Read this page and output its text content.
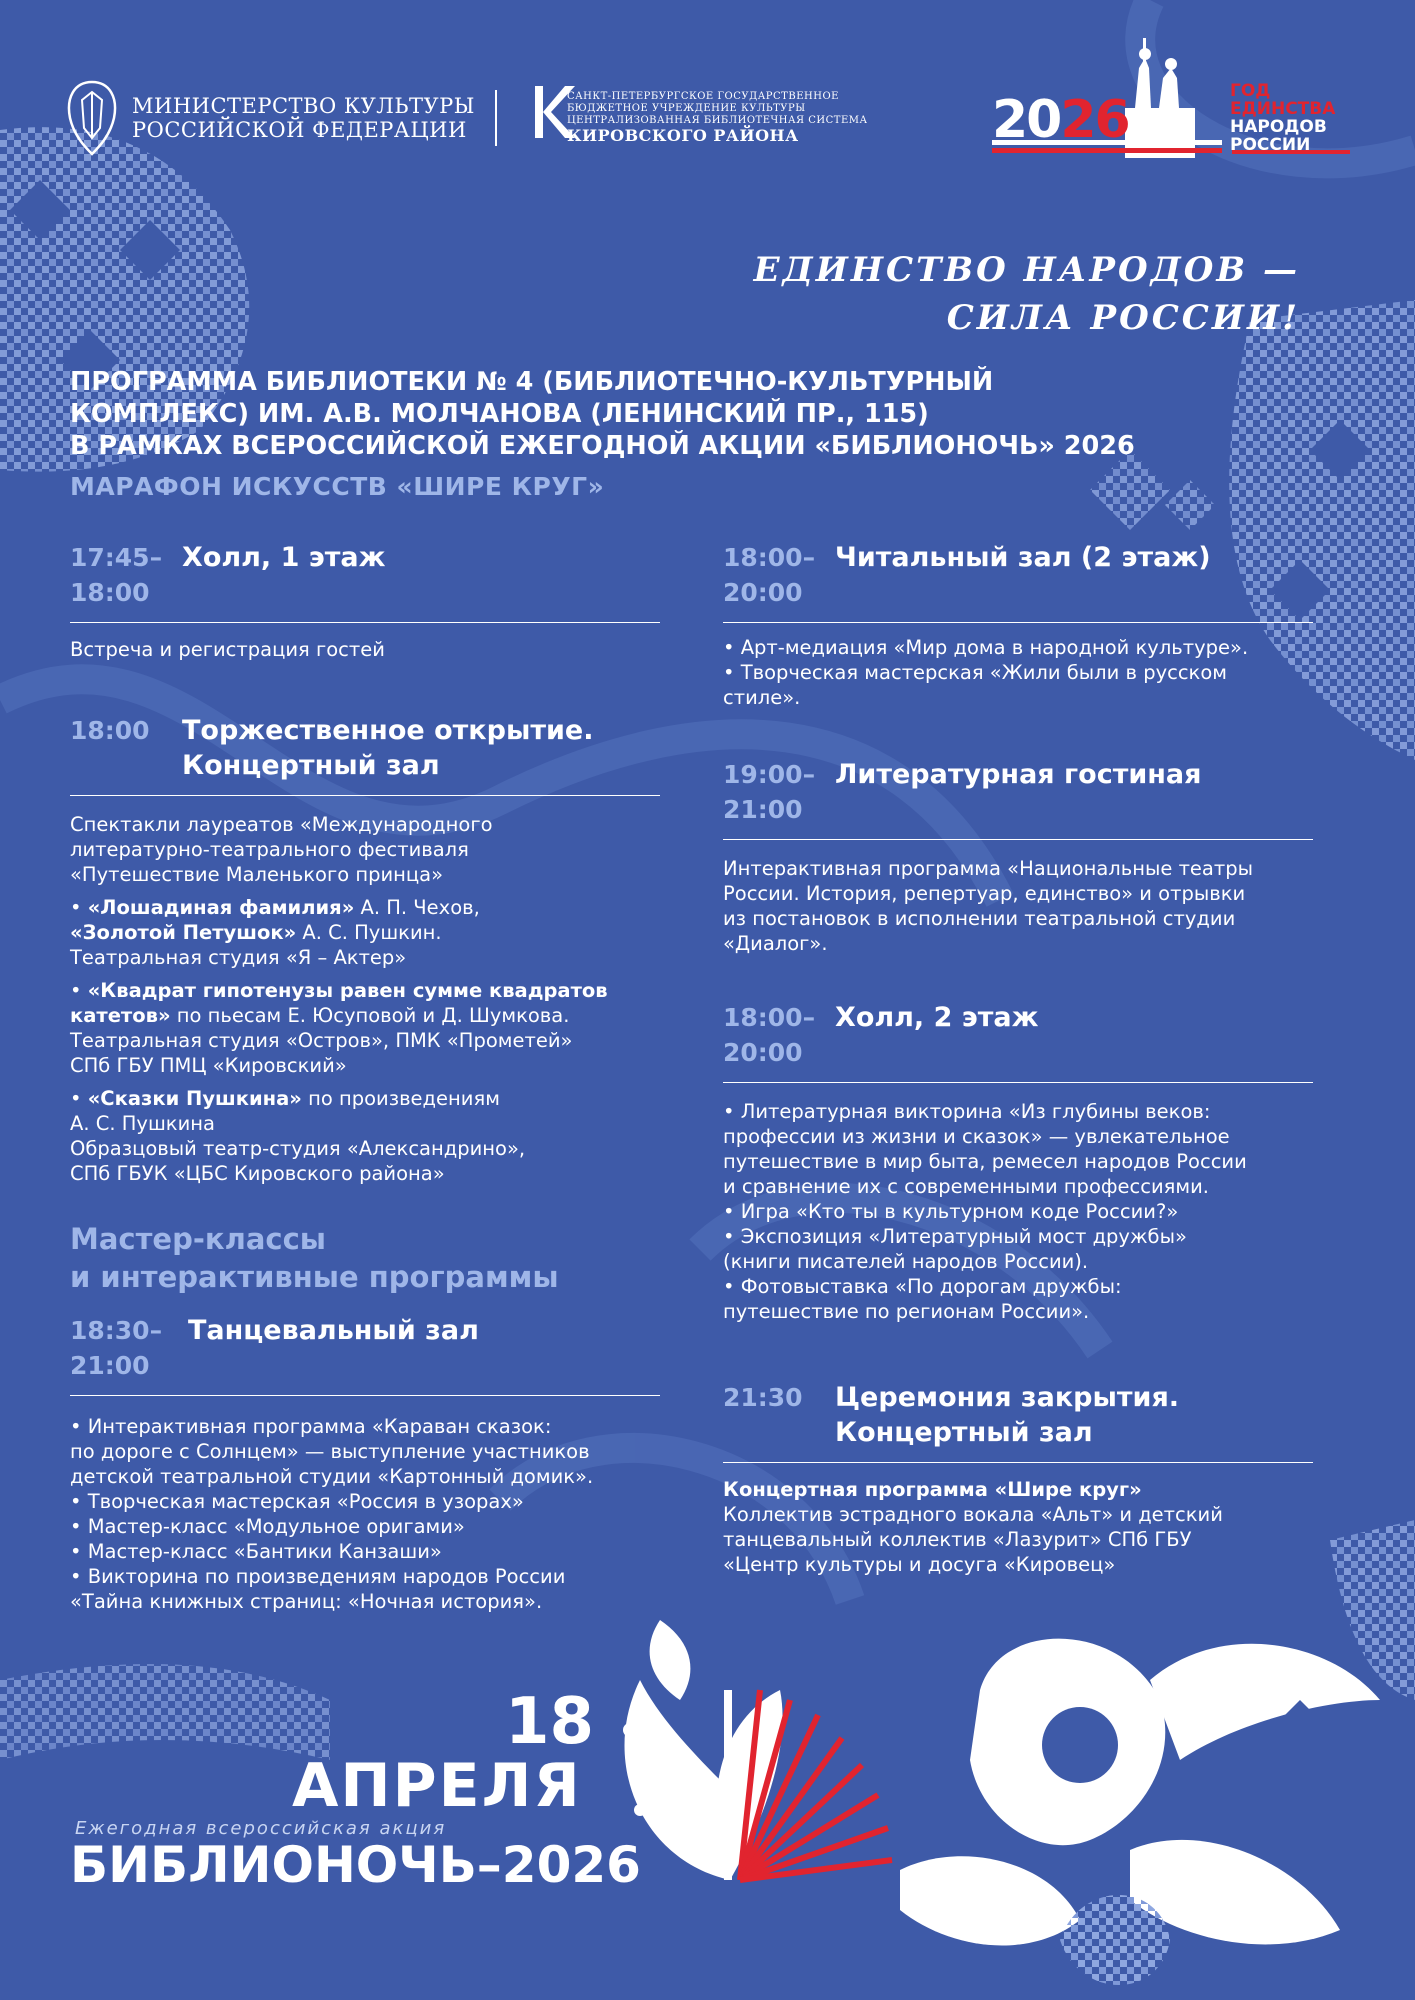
МИНИСТЕРСТВО КУЛЬТУРЫ
РОССИЙСКОЙ ФЕДЕРАЦИИ
САНКТ-ПЕТЕРБУРГСКОЕ ГОСУДАРСТВЕННОЕ
БЮДЖЕТНОЕ УЧРЕЖДЕНИЕ КУЛЬТУРЫ
ЦЕНТРАЛИЗОВАННАЯ БИБЛИОТЕЧНАЯ СИСТЕМА
КИРОВСКОГО РАЙОНА	2026	ГОД
ЕДИНСТВА
НАРОДОВ
РОССИИ
ЕДИНСТВО НАРОДОВ —
СИЛА РОССИИ!
ПРОГРАММА БИБЛИОТЕКИ № 4 (БИБЛИОТЕЧНО-КУЛЬТУРНЫЙ
КОМПЛЕКС) ИМ. А.В. МОЛЧАНОВА (ЛЕНИНСКИЙ ПР., 115)
В РАМКАХ ВСЕРОССИЙСКОЙ ЕЖЕГОДНОЙ АКЦИИ «БИБЛИОНОЧЬ» 2026
МАРАФОН ИСКУССТВ «ШИРЕ КРУГ»
17:45–
18:00
Холл, 1 этаж

Встреча и регистрация гостей

18:00	Торжественное открытие.
Концертный зал

Спектакли лауреатов «Международного
литературно-театрального фестиваля
«Путешествие Маленького принца»

• «Лошадиная фамилия» А. П. Чехов,
«Золотой Петушок» А. С. Пушкин.
Театральная студия «Я – Актер»

• «Квадрат гипотенузы равен сумме квадратов
катетов» по пьесам Е. Юсуповой и Д. Шумкова.
Театральная студия «Остров», ПМК «Прометей»
СПб ГБУ ПМЦ «Кировский»

• «Сказки Пушкина» по произведениям
А. С. Пушкина
Образцовый театр-студия «Александрино»,
СПб ГБУК «ЦБС Кировского района»

Мастер-классы
и интерактивные программы
18:30–
21:00
Танцевальный зал
• Интерактивная программа «Караван сказок:
по дороге с Солнцем» — выступление участников
детской театральной студии «Картонный домик».
• Творческая мастерская «Россия в узорах»
• Мастер-класс «Модульное оригами»
• Мастер-класс «Бантики Канзаши»
• Викторина по произведениям народов России
«Тайна книжных страниц: «Ночная история».
18:00–
20:00
Читальный зал (2 этаж)
• Арт-медиация «Мир дома в народной культуре».
• Творческая мастерская «Жили были в русском
стиле».
19:00–
21:00
Литературная гостиная
Интерактивная программа «Национальные театры
России. История, репертуар, единство» и отрывки
из постановок в исполнении театральной студии
«Диалог».
18:00–
20:00
Холл, 2 этаж
• Литературная викторина «Из глубины веков:
профессии из жизни и сказок» — увлекательное
путешествие в мир быта, ремесел народов России
и сравнение их с современными профессиями.
• Игра «Кто ты в культурном коде России?»
• Экспозиция «Литературный мост дружбы»
(книги писателей народов России).
• Фотовыставка «По дорогам дружбы:
путешествие по регионам России».
21:30	Церемония закрытия.
Концертный зал
Концертная программа «Шире круг»
Коллектив эстрадного вокала «Альт» и детский
танцевальный коллектив «Лазурит» СПб ГБУ
«Центр культуры и досуга «Кировец»
18
АПРЕЛЯ
Ежегодная всероссийская акция
БИБЛИОНОЧЬ–2026
